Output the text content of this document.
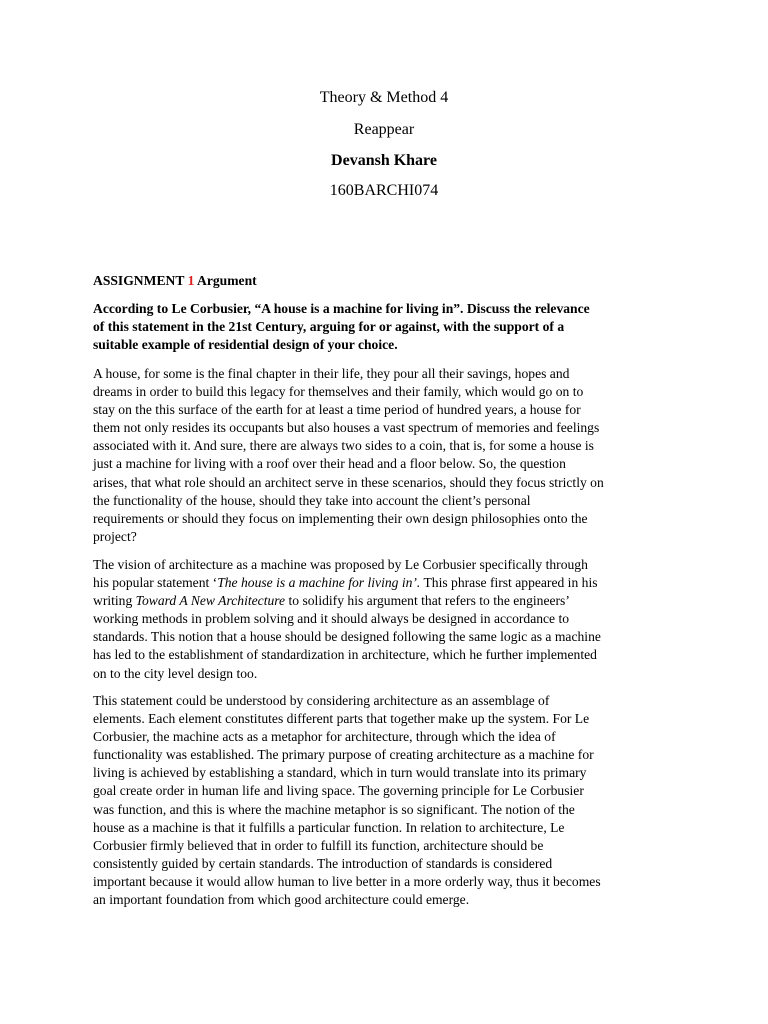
Theory & Method 4
Reappear
Devansh Khare
160BARCHI074
ASSIGNMENT 1 Argument
According to Le Corbusier, “A house is a machine for living in”. Discuss the relevance
of this statement in the 21st Century, arguing for or against, with the support of a
suitable example of residential design of your choice.
A house, for some is the final chapter in their life, they pour all their savings, hopes and
dreams in order to build this legacy for themselves and their family, which would go on to
stay on the this surface of the earth for at least a time period of hundred years, a house for
them not only resides its occupants but also houses a vast spectrum of memories and feelings
associated with it. And sure, there are always two sides to a coin, that is, for some a house is
just a machine for living with a roof over their head and a floor below. So, the question
arises, that what role should an architect serve in these scenarios, should they focus strictly on
the functionality of the house, should they take into account the client’s personal
requirements or should they focus on implementing their own design philosophies onto the
project?
The vision of architecture as a machine was proposed by Le Corbusier specifically through
his popular statement ‘The house is a machine for living in’. This phrase first appeared in his
writing Toward A New Architecture to solidify his argument that refers to the engineers’
working methods in problem solving and it should always be designed in accordance to
standards. This notion that a house should be designed following the same logic as a machine
has led to the establishment of standardization in architecture, which he further implemented
on to the city level design too.
This statement could be understood by considering architecture as an assemblage of
elements. Each element constitutes different parts that together make up the system. For Le
Corbusier, the machine acts as a metaphor for architecture, through which the idea of
functionality was established. The primary purpose of creating architecture as a machine for
living is achieved by establishing a standard, which in turn would translate into its primary
goal create order in human life and living space. The governing principle for Le Corbusier
was function, and this is where the machine metaphor is so significant. The notion of the
house as a machine is that it fulfills a particular function. In relation to architecture, Le
Corbusier firmly believed that in order to fulfill its function, architecture should be
consistently guided by certain standards. The introduction of standards is considered
important because it would allow human to live better in a more orderly way, thus it becomes
an important foundation from which good architecture could emerge.
